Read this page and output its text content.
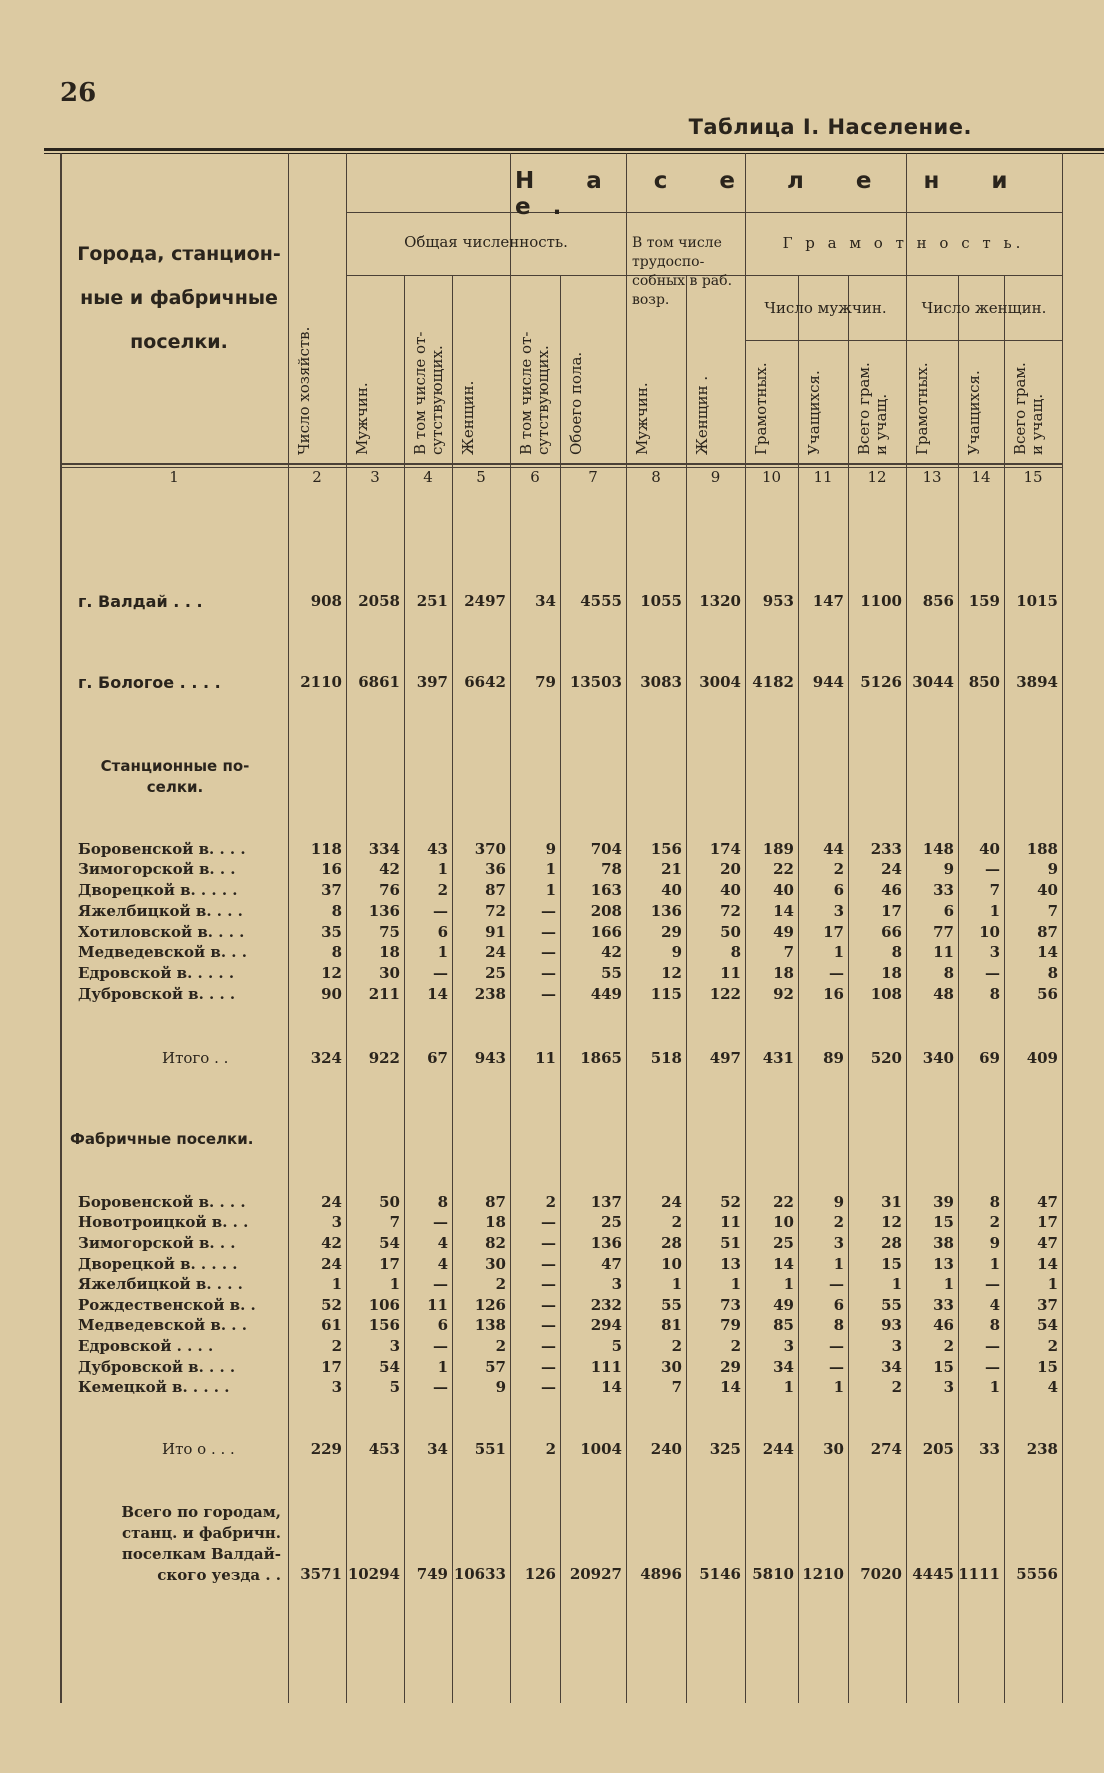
26
Таблица I. Население.
Города, станцион-
ные и фабричные
поселки.
Н а с е л е н и е.
Общая численность.	В том числе трудоспо-собных в раб. возр.
Г р а м о т н о с т ь.
Число мужчин.	Число женщин.
Число хозяйств.	Мужчин.	В том числе от-сутствующих. Женщин.	В том числе от-сутствующих. Обоего пола.	Мужчин.	Женщин .	Грамотных.	Учащихся.	Всего грам. и учащ.	Грамотных.	Учащихся.	Всего грам. и учащ.
1	2	3	4	5	6	7	8	9	10	11	12	13	14	15
г. Валдай . . .	908	2058	251	2497	34	4555	1055	1320	953	147	1100	856 159	1015
г. Бологое . . . .	2110	6861	397	6642	79 13503	3083	3004 4182	944	5126 3044 850	3894
Станционные по-
селки.
Боровенской в. . . .	118	334	43	370	9	704	156	174	189	44	233	148	40	188
Зимогорской в. . .	16	42	1	36	1	78	21	20	22	2	24	9	—	9
Дворецкой в. . . . .	37	76	2	87	1	163	40	40	40	6	46	33	7	40
Яжелбицкой в. . . .	8	136	—	72	—	208	136	72	14	3	17	6	1	7
Хотиловской в. . . .	35	75	6	91	—	166	29	50	49	17	66	77	10	87
Медведевской в. . .	8	18	1	24	—	42	9	8	7	1	8	11	3	14
Едровской в. . . . .	12	30	—	25	—	55	12	11	18	—	18	8	—	8
Дубровской в. . . .	90	211	14	238	—	449	115	122	92	16	108	48	8	56
Итого . .	324	922	67	943	11	1865	518	497	431	89	520	340	69	409
Фабричные поселки.
Боровенской в. . . .	24	50	8	87	2	137	24	52	22	9	31	39	8	47
Новотроицкой в. . .	3	7	—	18	—	25	2	11	10	2	12	15	2	17
Зимогорской в. . .	42	54	4	82	—	136	28	51	25	3	28	38	9	47
Дворецкой в. . . . .	24	17	4	30	—	47	10	13	14	1	15	13	1	14
Яжелбицкой в. . . .	1	1	—	2	—	3	1	1	1	—	1	1	—	1
Рождественской в. .	52	106	11	126	—	232	55	73	49	6	55	33	4	37
Медведевской в. . .	61	156	6	138	—	294	81	79	85	8	93	46	8	54
Едровской . . . .	2	3	—	2	—	5	2	2	3	—	3	2	—	2
Дубровской в. . . .	17	54	1	57	—	111	30	29	34	—	34	15	—	15
Кемецкой в. . . . .	3	5	—	9	—	14	7	14	1	1	2	3	1	4
Ито о . . .	229	453	34	551	2	1004	240	325	244	30	274	205	33	238
Всего по городам,
станц. и фабричн.
поселкам Валдай-
ского уезда . .	3571 10294	749 10633	126 20927	4896	5146 5810 1210	7020 4445 1111	5556
